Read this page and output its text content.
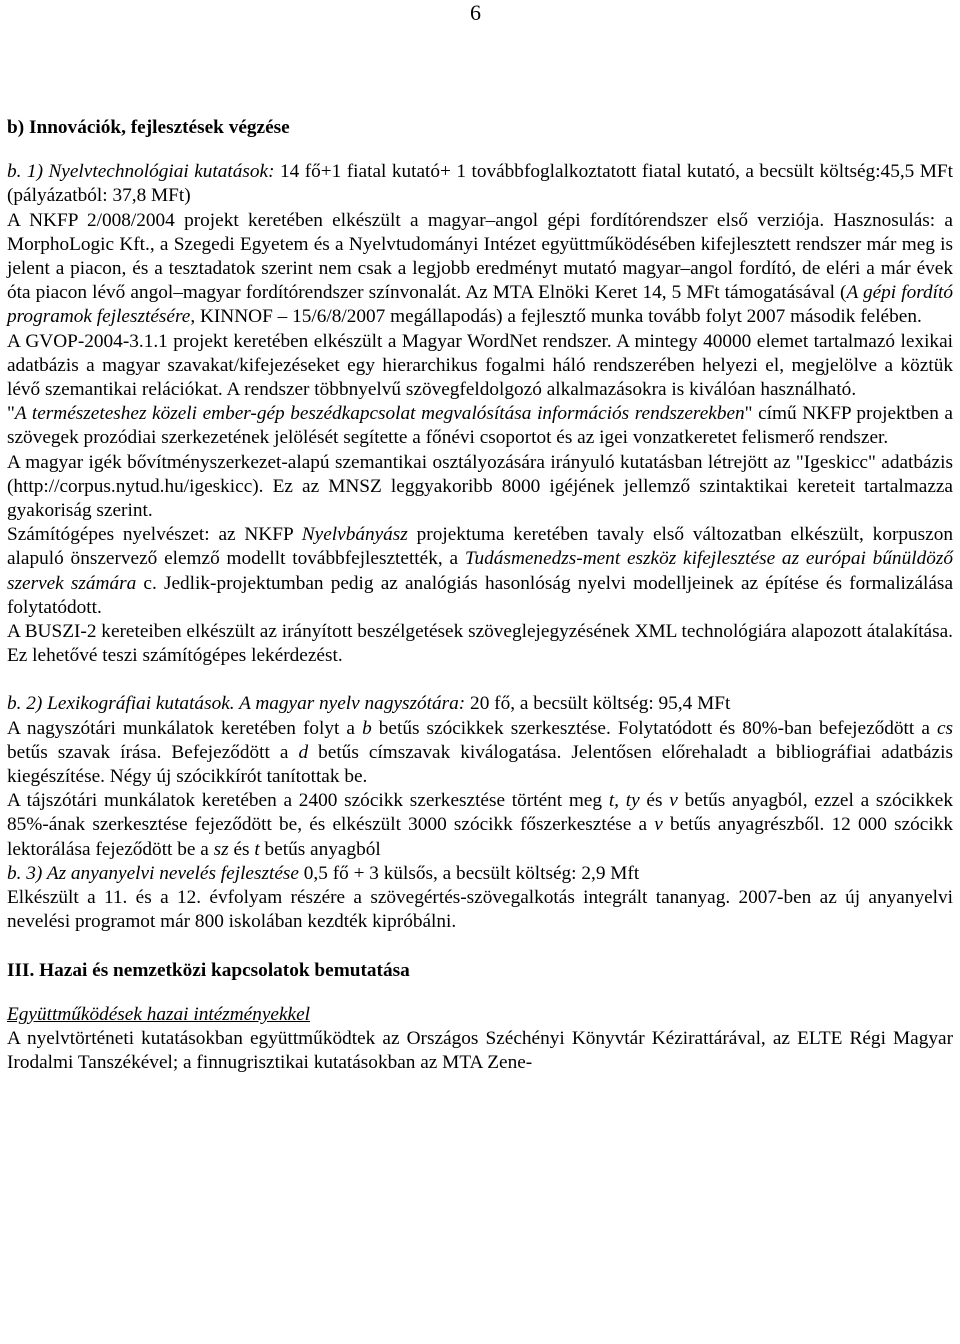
6

b) Innovációk, fejlesztések végzése

b. 1) Nyelvtechnológiai kutatások: 14 fő+1 fiatal kutató+ 1 továbbfoglalkoztatott fiatal kutató, a becsült költség:45,5 MFt (pályázatból: 37,8 MFt)

A NKFP 2/008/2004 projekt keretében elkészült a magyar–angol gépi fordítórendszer első verziója. Hasznosulás: a MorphoLogic Kft., a Szegedi Egyetem és a Nyelvtudományi Intézet együttműködésében kifejlesztett rendszer már meg is jelent a piacon, és a tesztadatok szerint nem csak a legjobb eredményt mutató magyar–angol fordító, de eléri a már évek óta piacon lévő angol–magyar fordítórendszer színvonalát. Az MTA Elnöki Keret 14, 5 MFt támogatásával (A gépi fordító programok fejlesztésére, KINNOF – 15/6/8/2007 megállapodás) a fejlesztő munka tovább folyt 2007 második felében.

A GVOP-2004-3.1.1 projekt keretében elkészült a Magyar WordNet rendszer. A mintegy 40000 elemet tartalmazó lexikai adatbázis a magyar szavakat/kifejezéseket egy hierarchikus fogalmi háló rendszerében helyezi el, megjelölve a köztük lévő szemantikai relációkat. A rendszer többnyelvű szövegfeldolgozó alkalmazásokra is kiválóan használható.

"A természeteshez közeli ember-gép beszédkapcsolat megvalósítása információs rendszerekben" című NKFP projektben a szövegek prozódiai szerkezetének jelölését segítette a főnévi csoportot és az igei vonzatkeretet felismerő rendszer.

A magyar igék bővítményszerkezet-alapú szemantikai osztályozására irányuló kutatásban létrejött az "Igeskicc" adatbázis (http://corpus.nytud.hu/igeskicc). Ez az MNSZ leggyakoribb 8000 igéjének jellemző szintaktikai kereteit tartalmazza gyakoriság szerint.

Számítógépes nyelvészet: az NKFP Nyelvbányász projektuma keretében tavaly első változatban elkészült, korpuszon alapuló önszervező elemző modellt továbbfejlesztették, a Tudásmenedzs-ment eszköz kifejlesztése az európai bűnüldöző szervek számára c. Jedlik-projektumban pedig az analógiás hasonlóság nyelvi modelljeinek az építése és formalizálása folytatódott.

A BUSZI-2 kereteiben elkészült az irányított beszélgetések szöveglejegyzésének XML technológiára alapozott átalakítása. Ez lehetővé teszi számítógépes lekérdezést.

b. 2) Lexikográfiai kutatások. A magyar nyelv nagyszótára: 20 fő, a becsült költség: 95,4 MFt

A nagyszótári munkálatok keretében folyt a b betűs szócikkek szerkesztése. Folytatódott és 80%-ban befejeződött a cs betűs szavak írása. Befejeződött a d betűs címszavak kiválogatása. Jelentősen előrehaladt a bibliográfiai adatbázis kiegészítése. Négy új szócikkírót tanítottak be.

A tájszótári munkálatok keretében a 2400 szócikk szerkesztése történt meg t, ty és v betűs anyagból, ezzel a szócikkek 85%-ának szerkesztése fejeződött be, és elkészült 3000 szócikk főszerkesztése a v betűs anyagrészből. 12 000 szócikk lektorálása fejeződött be a sz és t betűs anyagból

b. 3) Az anyanyelvi nevelés fejlesztése 0,5 fő + 3 külsős, a becsült költség: 2,9 Mft

Elkészült a 11. és a 12. évfolyam részére a szövegértés-szövegalkotás integrált tananyag. 2007-ben az új anyanyelvi nevelési programot már 800 iskolában kezdték kipróbálni.

III. Hazai és nemzetközi kapcsolatok bemutatása

Együttműködések hazai intézményekkel

A nyelvtörténeti kutatásokban együttműködtek az Országos Széchényi Könyvtár Kézirattárával, az ELTE Régi Magyar Irodalmi Tanszékével; a finnugrisztikai kutatásokban az MTA Zene-
